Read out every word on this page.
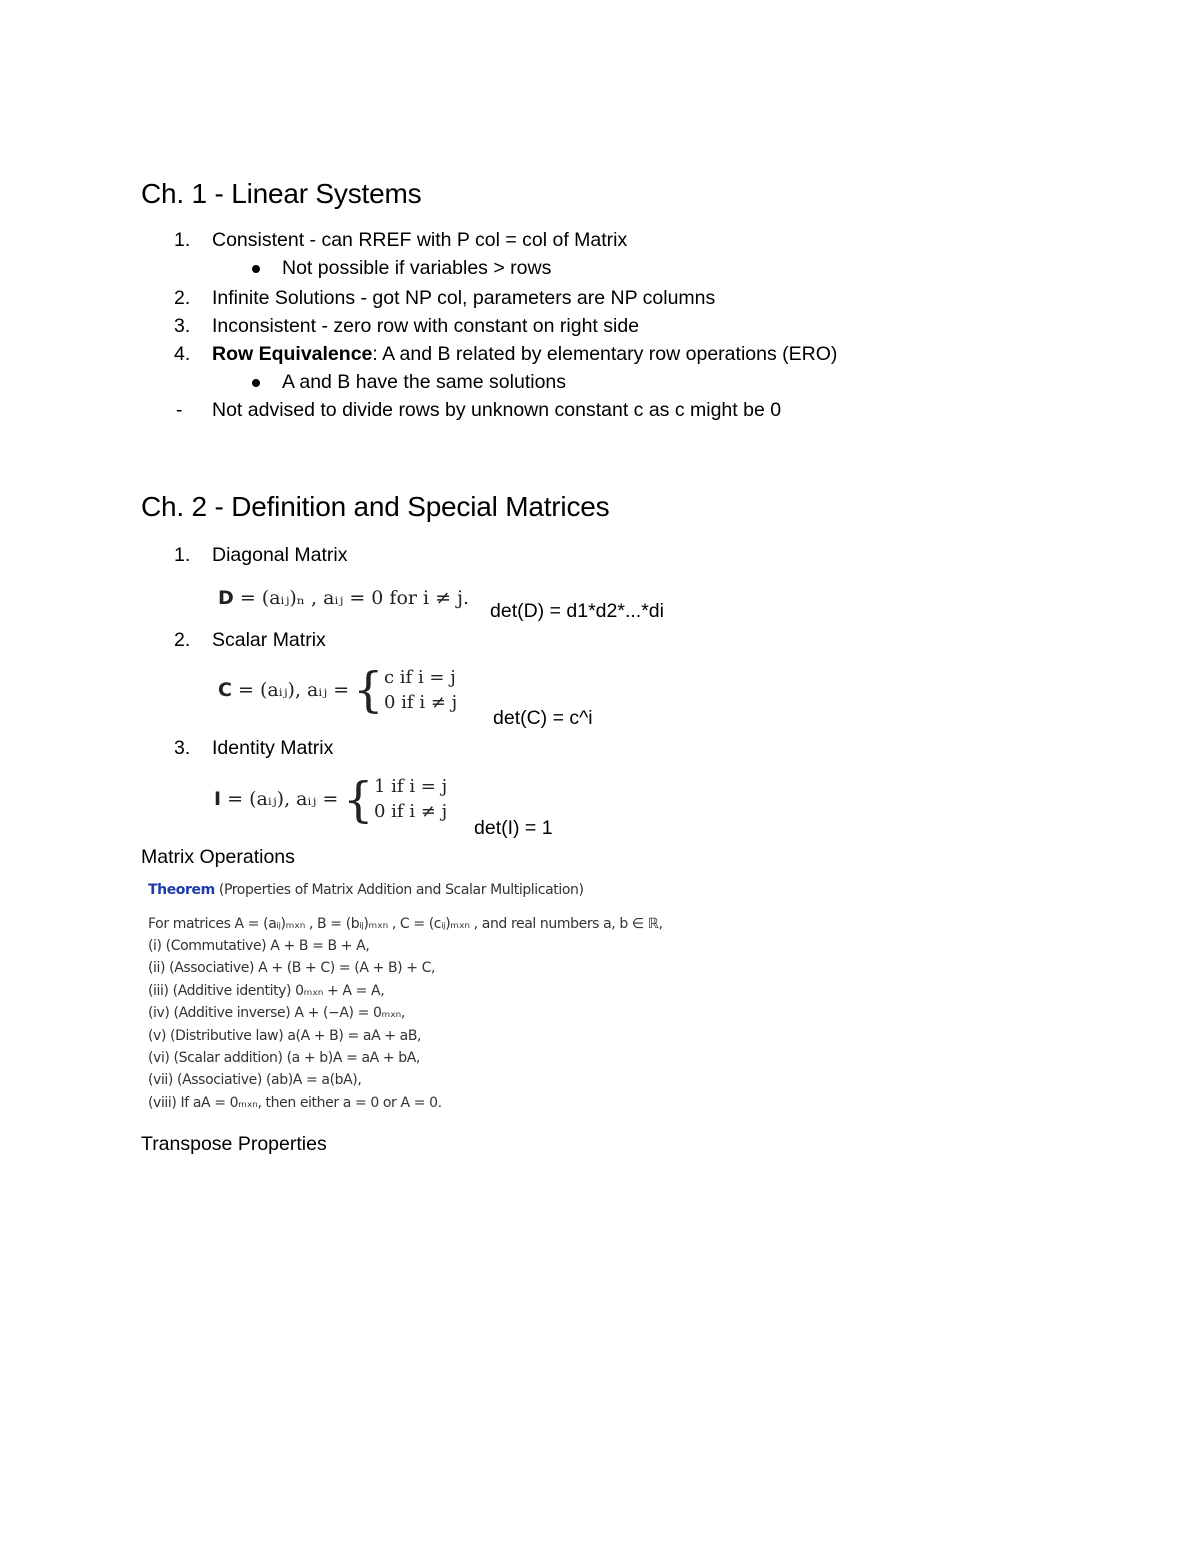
Ch. 1 - Linear Systems
1. Consistent - can RREF with P col = col of Matrix
Not possible if variables > rows
2. Infinite Solutions - got NP col, parameters are NP columns
3. Inconsistent - zero row with constant on right side
4. Row Equivalence: A and B related by elementary row operations (ERO)
A and B have the same solutions
- Not advised to divide rows by unknown constant c as c might be 0
Ch. 2 - Definition and Special Matrices
1. Diagonal Matrix
D = (aᵢⱼ)ₙ , aᵢⱼ = 0 for i ≠ j.
det(D) = d1*d2*...*di
2. Scalar Matrix
C = (aᵢⱼ), aᵢⱼ = { c if i = j
0 if i ≠ j
det(C) = c^i
3. Identity Matrix
I = (aᵢⱼ), aᵢⱼ = { 1 if i = j
0 if i ≠ j
det(I) = 1
Matrix Operations
Theorem (Properties of Matrix Addition and Scalar Multiplication)
For matrices A = (aᵢⱼ)ₘₓₙ , B = (bᵢⱼ)ₘₓₙ , C = (cᵢⱼ)ₘₓₙ , and real numbers a, b ∈ ℝ,
(i) (Commutative) A + B = B + A,
(ii) (Associative) A + (B + C) = (A + B) + C,
(iii) (Additive identity) 0ₘₓₙ + A = A,
(iv) (Additive inverse) A + (−A) = 0ₘₓₙ,
(v) (Distributive law) a(A + B) = aA + aB,
(vi) (Scalar addition) (a + b)A = aA + bA,
(vii) (Associative) (ab)A = a(bA),
(viii) If aA = 0ₘₓₙ, then either a = 0 or A = 0.
Transpose Properties
